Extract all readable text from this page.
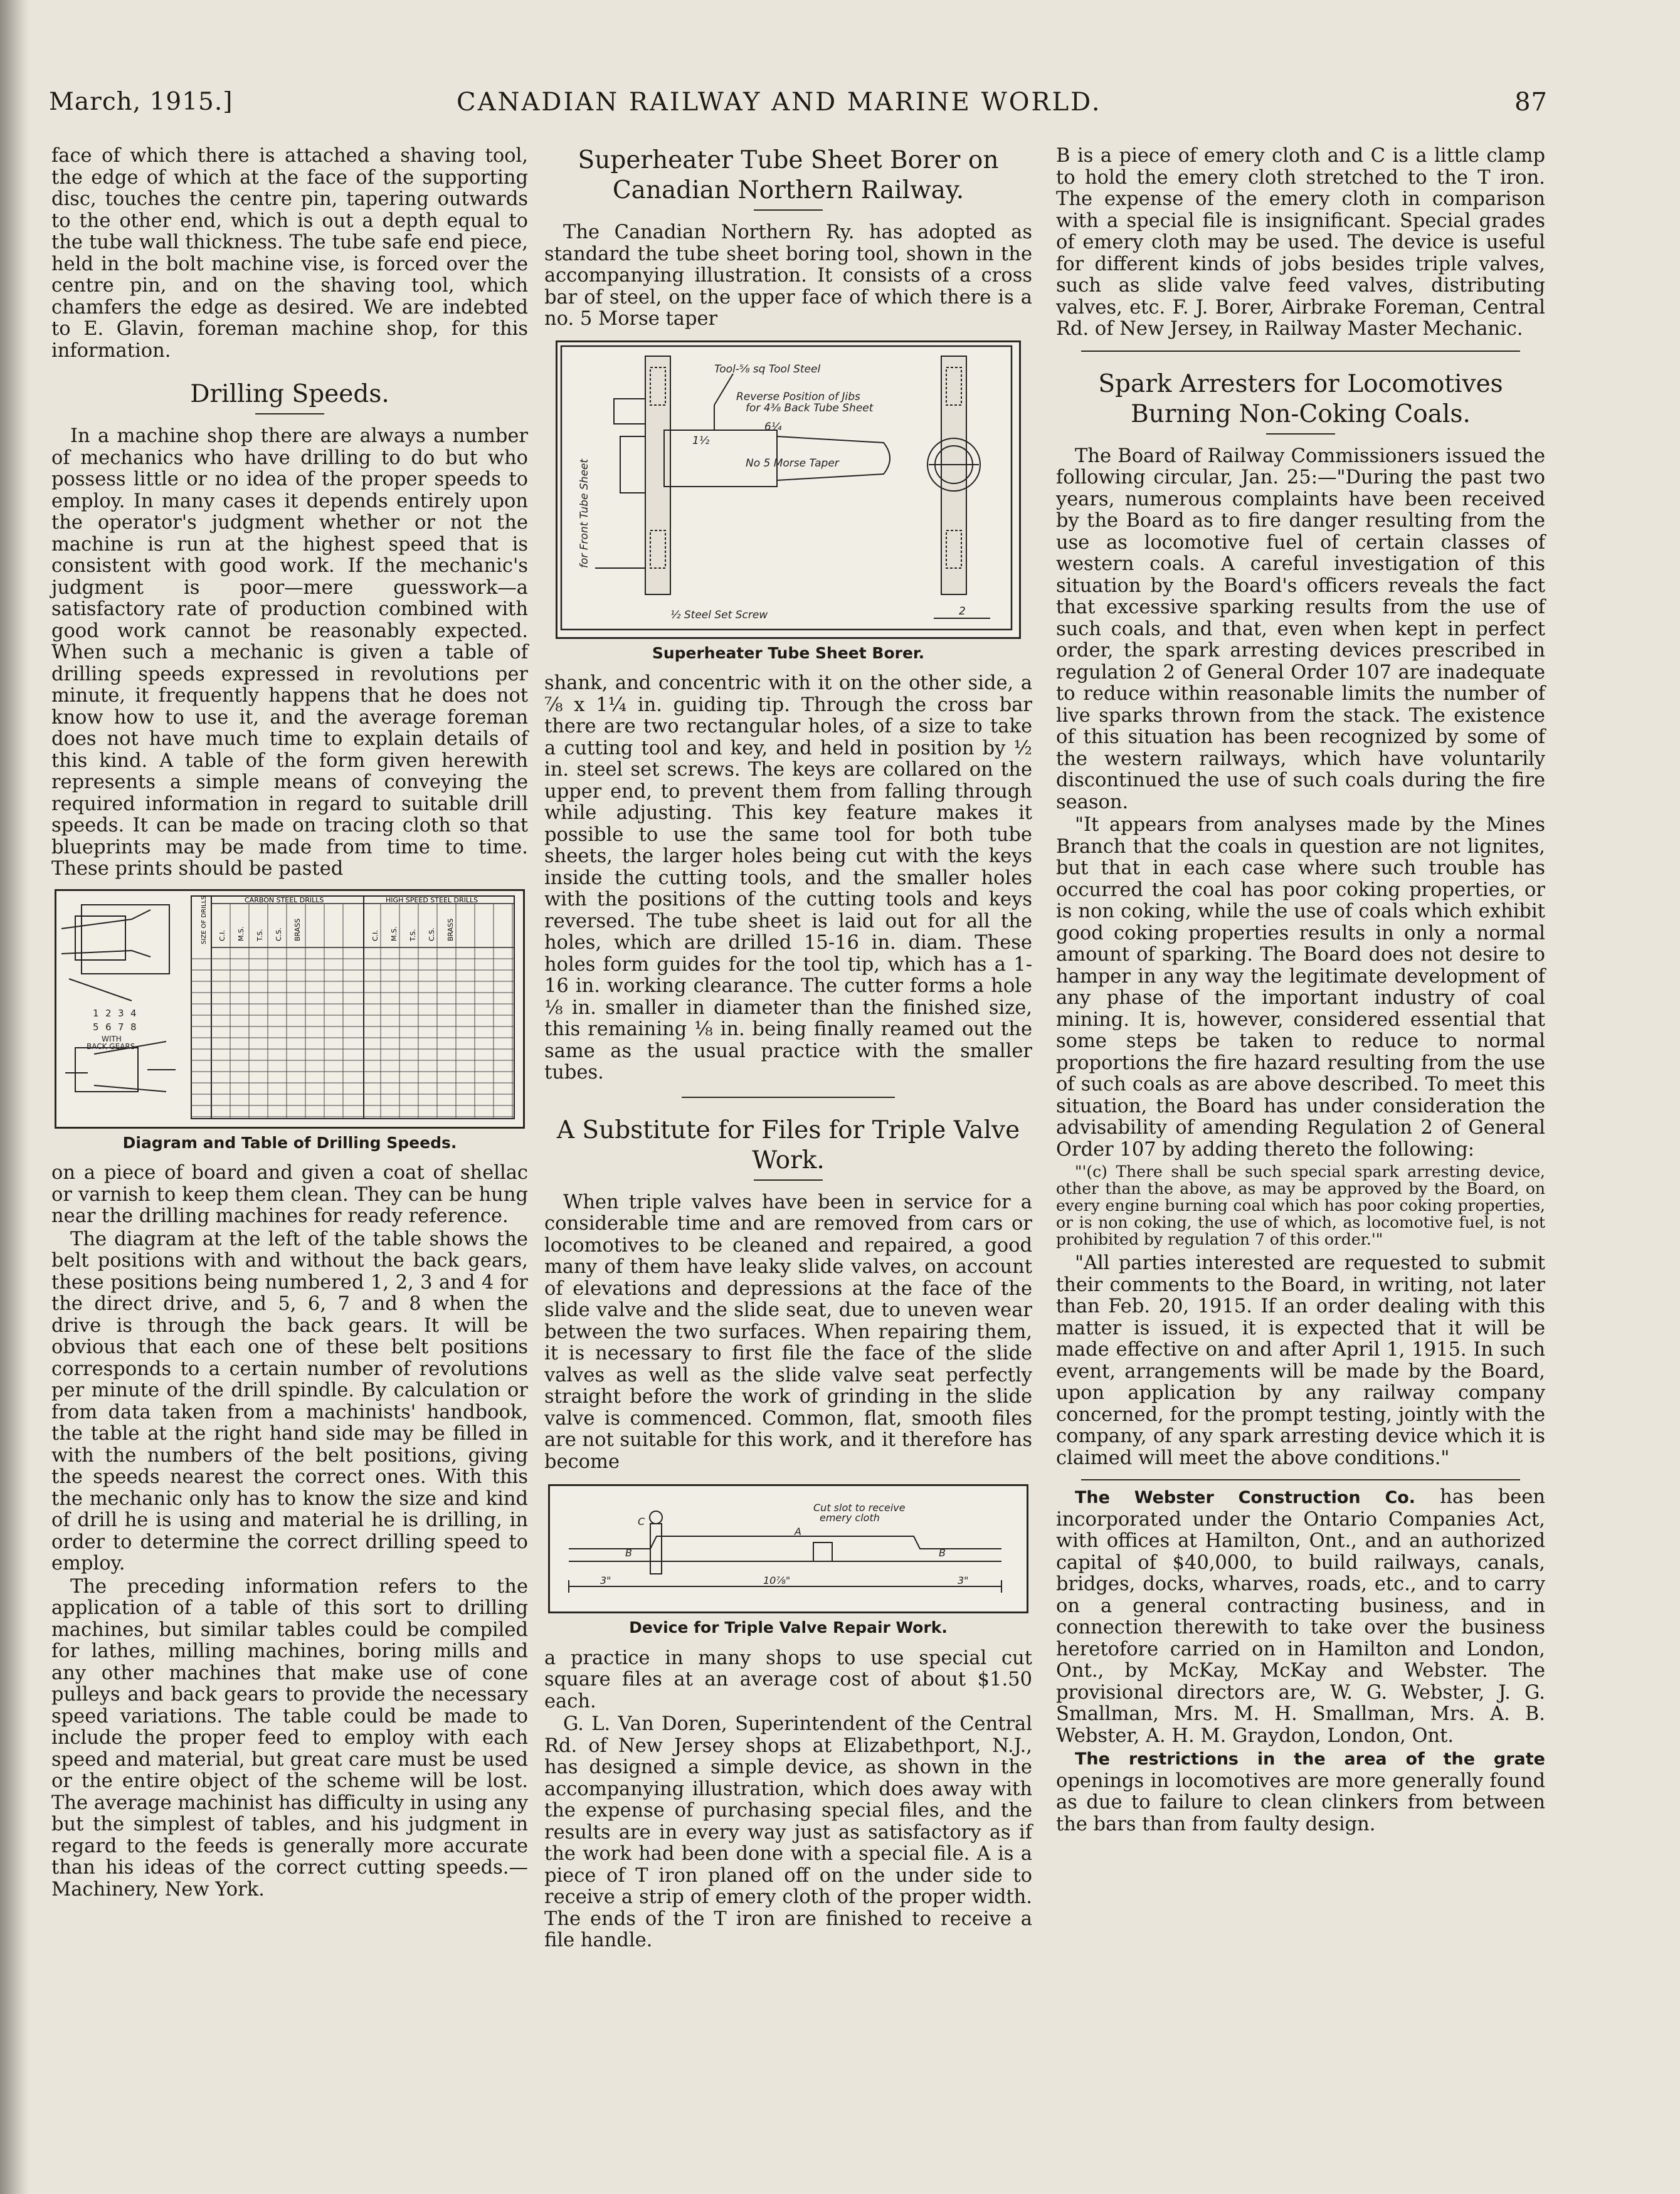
March, 1915.]	CANADIAN RAILWAY AND MARINE WORLD.	87

face of which there is attached a shaving tool, the edge of which at the face of the supporting disc, touches the centre pin, tapering outwards to the other end, which is out a depth equal to the tube wall thickness. The tube safe end piece, held in the bolt machine vise, is forced over the centre pin, and on the shaving tool, which chamfers the edge as desired. We are indebted to E. Glavin, foreman machine shop, for this information.

Drilling Speeds.

In a machine shop there are always a number of mechanics who have drilling to do but who possess little or no idea of the proper speeds to employ. In many cases it depends entirely upon the operator's judgment whether or not the machine is run at the highest speed that is consistent with good work. If the mechanic's judgment is poor—mere guesswork—a satisfactory rate of production combined with good work cannot be reasonably expected. When such a mechanic is given a table of drilling speeds expressed in revolutions per minute, it frequently happens that he does not know how to use it, and the average foreman does not have much time to explain details of this kind. A table of the form given herewith represents a simple means of conveying the required information in regard to suitable drill speeds. It can be made on tracing cloth so that blueprints may be made from time to time. These prints should be pasted

1 2 3 4
5 6 7 8
WITH
BACK GEARS
CARBON STEEL DRILLS	HIGH SPEED STEEL DRILLS
SIZE OF DRILLS C.I. M.S. T.S. C.S. BRASS	C.I. M.S. T.S. C.S. BRASS
Diagram and Table of Drilling Speeds.

on a piece of board and given a coat of shellac or varnish to keep them clean. They can be hung near the drilling machines for ready reference.

The diagram at the left of the table shows the belt positions with and without the back gears, these positions being numbered 1, 2, 3 and 4 for the direct drive, and 5, 6, 7 and 8 when the drive is through the back gears. It will be obvious that each one of these belt positions corresponds to a certain number of revolutions per minute of the drill spindle. By calculation or from data taken from a machinists' handbook, the table at the right hand side may be filled in with the numbers of the belt positions, giving the speeds nearest the correct ones. With this the mechanic only has to know the size and kind of drill he is using and material he is drilling, in order to determine the correct drilling speed to employ.

The preceding information refers to the application of a table of this sort to drilling machines, but similar tables could be compiled for lathes, milling machines, boring mills and any other machines that make use of cone pulleys and back gears to provide the necessary speed variations. The table could be made to include the proper feed to employ with each speed and material, but great care must be used or the entire object of the scheme will be lost. The average machinist has difficulty in using any but the simplest of tables, and his judgment in regard to the feeds is generally more accurate than his ideas of the correct cutting speeds.—Machinery, New York.

Superheater Tube Sheet Borer on Canadian Northern Railway.

The Canadian Northern Ry. has adopted as standard the tube sheet boring tool, shown in the accompanying illustration. It consists of a cross bar of steel, on the upper face of which there is a no. 5 Morse taper

Tool-⅝ sq Tool Steel
Reverse Position of Jibs
for 4⅜ Back Tube Sheet
6¼
1½
No 5 Morse Taper
for Front Tube Sheet
½ Steel Set Screw	2
Superheater Tube Sheet Borer.

shank, and concentric with it on the other side, a ⅞ x 1¼ in. guiding tip. Through the cross bar there are two rectangular holes, of a size to take a cutting tool and key, and held in position by ½ in. steel set screws. The keys are collared on the upper end, to prevent them from falling through while adjusting. This key feature makes it possible to use the same tool for both tube sheets, the larger holes being cut with the keys inside the cutting tools, and the smaller holes with the positions of the cutting tools and keys reversed. The tube sheet is laid out for all the holes, which are drilled 15-16 in. diam. These holes form guides for the tool tip, which has a 1-16 in. working clearance. The cutter forms a hole ⅛ in. smaller in diameter than the finished size, this remaining ⅛ in. being finally reamed out the same as the usual practice with the smaller tubes.

A Substitute for Files for Triple Valve Work.

When triple valves have been in service for a considerable time and are removed from cars or locomotives to be cleaned and repaired, a good many of them have leaky slide valves, on account of elevations and depressions at the face of the slide valve and the slide seat, due to uneven wear between the two surfaces. When repairing them, it is necessary to first file the face of the slide valves as well as the slide valve seat perfectly straight before the work of grinding in the slide valve is commenced. Common, flat, smooth files are not suitable for this work, and it therefore has become

Cut slot to receive
emery cloth
A
B	B
C
3"	10⅞"	3"
Device for Triple Valve Repair Work.

a practice in many shops to use special cut square files at an average cost of about $1.50 each.

G. L. Van Doren, Superintendent of the Central Rd. of New Jersey shops at Elizabethport, N.J., has designed a simple device, as shown in the accompanying illustration, which does away with the expense of purchasing special files, and the results are in every way just as satisfactory as if the work had been done with a special file. A is a piece of T iron planed off on the under side to receive a strip of emery cloth of the proper width. The ends of the T iron are finished to receive a file handle.

B is a piece of emery cloth and C is a little clamp to hold the emery cloth stretched to the T iron. The expense of the emery cloth in comparison with a special file is insignificant. Special grades of emery cloth may be used. The device is useful for different kinds of jobs besides triple valves, such as slide valve feed valves, distributing valves, etc. F. J. Borer, Airbrake Foreman, Central Rd. of New Jersey, in Railway Master Mechanic.

Spark Arresters for Locomotives Burning Non-Coking Coals.

The Board of Railway Commissioners issued the following circular, Jan. 25:—"During the past two years, numerous complaints have been received by the Board as to fire danger resulting from the use as locomotive fuel of certain classes of western coals. A careful investigation of this situation by the Board's officers reveals the fact that excessive sparking results from the use of such coals, and that, even when kept in perfect order, the spark arresting devices prescribed in regulation 2 of General Order 107 are inadequate to reduce within reasonable limits the number of live sparks thrown from the stack. The existence of this situation has been recognized by some of the western railways, which have voluntarily discontinued the use of such coals during the fire season.

"It appears from analyses made by the Mines Branch that the coals in question are not lignites, but that in each case where such trouble has occurred the coal has poor coking properties, or is non coking, while the use of coals which exhibit good coking properties results in only a normal amount of sparking. The Board does not desire to hamper in any way the legitimate development of any phase of the important industry of coal mining. It is, however, considered essential that some steps be taken to reduce to normal proportions the fire hazard resulting from the use of such coals as are above described. To meet this situation, the Board has under consideration the advisability of amending Regulation 2 of General Order 107 by adding thereto the following:

"'(c) There shall be such special spark arresting device, other than the above, as may be approved by the Board, on every engine burning coal which has poor coking properties, or is non coking, the use of which, as locomotive fuel, is not prohibited by regulation 7 of this order.'"

"All parties interested are requested to submit their comments to the Board, in writing, not later than Feb. 20, 1915. If an order dealing with this matter is issued, it is expected that it will be made effective on and after April 1, 1915. In such event, arrangements will be made by the Board, upon application by any railway company concerned, for the prompt testing, jointly with the company, of any spark arresting device which it is claimed will meet the above conditions."

The Webster Construction Co. has been incorporated under the Ontario Companies Act, with offices at Hamilton, Ont., and an authorized capital of $40,000, to build railways, canals, bridges, docks, wharves, roads, etc., and to carry on a general contracting business, and in connection therewith to take over the business heretofore carried on in Hamilton and London, Ont., by McKay, McKay and Webster. The provisional directors are, W. G. Webster, J. G. Smallman, Mrs. M. H. Smallman, Mrs. A. B. Webster, A. H. M. Graydon, London, Ont.

The restrictions in the area of the grate openings in locomotives are more generally found as due to failure to clean clinkers from between the bars than from faulty design.
